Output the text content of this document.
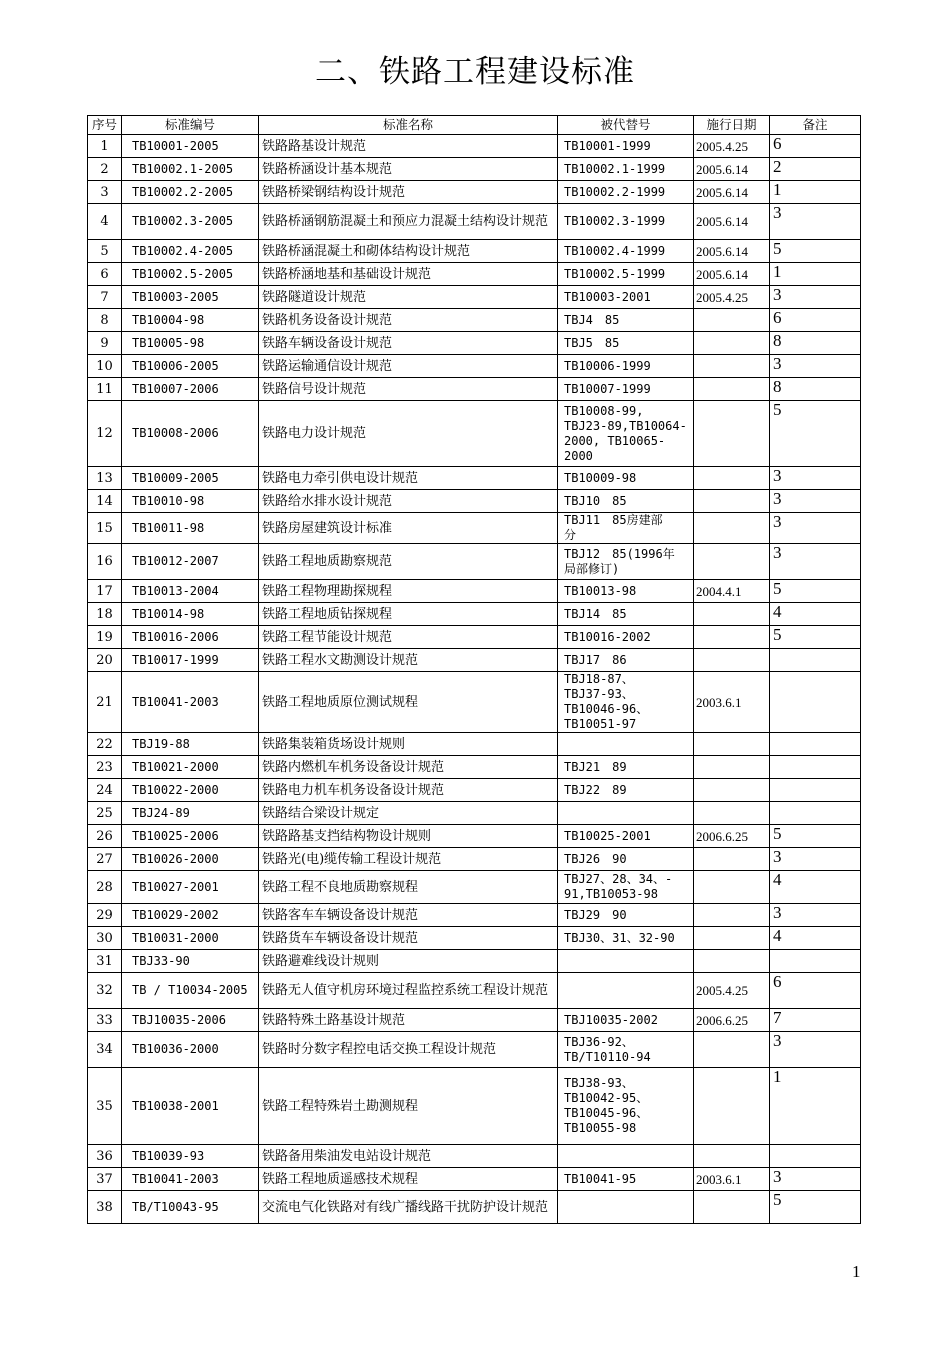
二、铁路工程建设标准
序号	标准编号	标准名称	被代替号	施行日期	备注
1	TB10001-2005	铁路路基设计规范	TB10001-1999	2005.4.25	6
2	TB10002.1-2005	铁路桥涵设计基本规范	TB10002.1-1999	2005.6.14	2
3	TB10002.2-2005	铁路桥梁钢结构设计规范	TB10002.2-1999	2005.6.14	1
4	TB10002.3-2005	铁路桥涵钢筋混凝土和预应力混凝土结构设计规范	TB10002.3-1999	2005.6.14	3
5	TB10002.4-2005	铁路桥涵混凝土和砌体结构设计规范	TB10002.4-1999	2005.6.14	5
6	TB10002.5-2005	铁路桥涵地基和基础设计规范	TB10002.5-1999	2005.6.14	1
7	TB10003-2005	铁路隧道设计规范	TB10003-2001	2005.4.25	3
8	TB10004-98	铁路机务设备设计规范	TBJ4　85		6
9	TB10005-98	铁路车辆设备设计规范	TBJ5　85		8
10	TB10006-2005	铁路运输通信设计规范	TB10006-1999		3
11	TB10007-2006	铁路信号设计规范	TB10007-1999		8
12	TB10008-2006	铁路电力设计规范	TB10008-99,
TBJ23-89,TB10064-
2000, TB10065-
2000		5
13	TB10009-2005	铁路电力牵引供电设计规范	TB10009-98		3
14	TB10010-98	铁路给水排水设计规范	TBJ10　85		3
15	TB10011-98	铁路房屋建筑设计标准	TBJ11　85房建部
分		3
16	TB10012-2007	铁路工程地质勘察规范	TBJ12　85(1996年
局部修订)		3
17	TB10013-2004	铁路工程物理勘探规程	TB10013-98	2004.4.1	5
18	TB10014-98	铁路工程地质钻探规程	TBJ14　85		4
19	TB10016-2006	铁路工程节能设计规范	TB10016-2002		5
20	TB10017-1999	铁路工程水文勘测设计规范	TBJ17　86		

21	TB10041-2003	铁路工程地质原位测试规程	TBJ18-87、
TBJ37-93、
TB10046-96、
TB10051-97	2003.6.1	
22	TBJ19-88	铁路集装箱货场设计规则			
23	TB10021-2000	铁路内燃机车机务设备设计规范	TBJ21　89		

24	TB10022-2000	铁路电力机车机务设备设计规范	TBJ22　89		

25	TBJ24-89	铁路结合梁设计规定			
26	TB10025-2006	铁路路基支挡结构物设计规则	TB10025-2001	2006.6.25	5
27	TB10026-2000	铁路光(电)缆传输工程设计规范	TBJ26　90		3
28	TB10027-2001	铁路工程不良地质勘察规程	TBJ27、28、34、-
91,TB10053-98		4
29	TB10029-2002	铁路客车车辆设备设计规范	TBJ29　90		3
30	TB10031-2000	铁路货车车辆设备设计规范	TBJ30、31、32-90		4
31	TBJ33-90	铁路避难线设计规则			
32	TB / T10034-2005	铁路无人值守机房环境过程监控系统工程设计规范		2005.4.25	6
33	TBJ10035-2006	铁路特殊土路基设计规范	TBJ10035-2002	2006.6.25	7
34	TB10036-2000	铁路时分数字程控电话交换工程设计规范	TBJ36-92、
TB/T10110-94		3
35	TB10038-2001	铁路工程特殊岩土勘测规程	TBJ38-93、
TB10042-95、
TB10045-96、
TB10055-98		1
36	TB10039-93	铁路备用柴油发电站设计规范			
37	TB10041-2003	铁路工程地质遥感技术规程	TB10041-95	2003.6.1	3
38	TB/T10043-95	交流电气化铁路对有线广播线路干扰防护设计规范			5
1
